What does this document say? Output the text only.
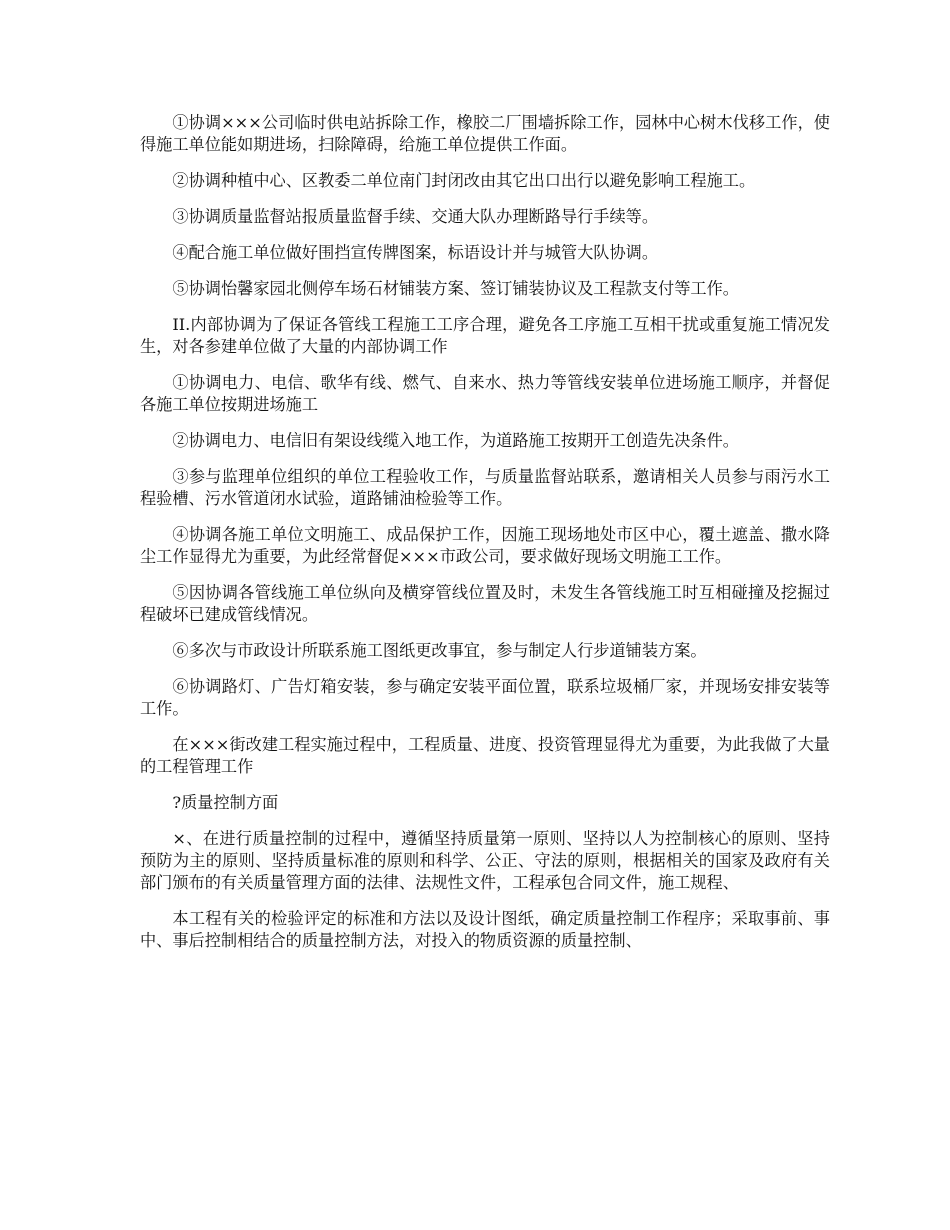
①协调×××公司临时供电站拆除工作，橡胶二厂围墙拆除工作，园林中心树木伐移工作，使得施工单位能如期进场，扫除障碍，给施工单位提供工作面。

②协调种植中心、区教委二单位南门封闭改由其它出口出行以避免影响工程施工。

③协调质量监督站报质量监督手续、交通大队办理断路导行手续等。

④配合施工单位做好围挡宣传牌图案，标语设计并与城管大队协调。

⑤协调怡馨家园北侧停车场石材铺装方案、签订铺装协议及工程款支付等工作。

II.内部协调为了保证各管线工程施工工序合理，避免各工序施工互相干扰或重复施工情况发生，对各参建单位做了大量的内部协调工作

①协调电力、电信、歌华有线、燃气、自来水、热力等管线安装单位进场施工顺序，并督促各施工单位按期进场施工

②协调电力、电信旧有架设线缆入地工作，为道路施工按期开工创造先决条件。

③参与监理单位组织的单位工程验收工作，与质量监督站联系，邀请相关人员参与雨污水工程验槽、污水管道闭水试验，道路铺油检验等工作。

④协调各施工单位文明施工、成品保护工作，因施工现场地处市区中心，覆土遮盖、撒水降尘工作显得尤为重要，为此经常督促×××市政公司，要求做好现场文明施工工作。

⑤因协调各管线施工单位纵向及横穿管线位置及时，未发生各管线施工时互相碰撞及挖掘过程破坏已建成管线情况。

⑥多次与市政设计所联系施工图纸更改事宜，参与制定人行步道铺装方案。

⑥协调路灯、广告灯箱安装，参与确定安装平面位置，联系垃圾桶厂家，并现场安排安装等工作。

在×××街改建工程实施过程中，工程质量、进度、投资管理显得尤为重要，为此我做了大量的工程管理工作

?质量控制方面

×、在进行质量控制的过程中，遵循坚持质量第一原则、坚持以人为控制核心的原则、坚持预防为主的原则、坚持质量标准的原则和科学、公正、守法的原则，根据相关的国家及政府有关部门颁布的有关质量管理方面的法律、法规性文件，工程承包合同文件，施工规程、

本工程有关的检验评定的标准和方法以及设计图纸，确定质量控制工作程序；采取事前、事中、事后控制相结合的质量控制方法，对投入的物质资源的质量控制、
